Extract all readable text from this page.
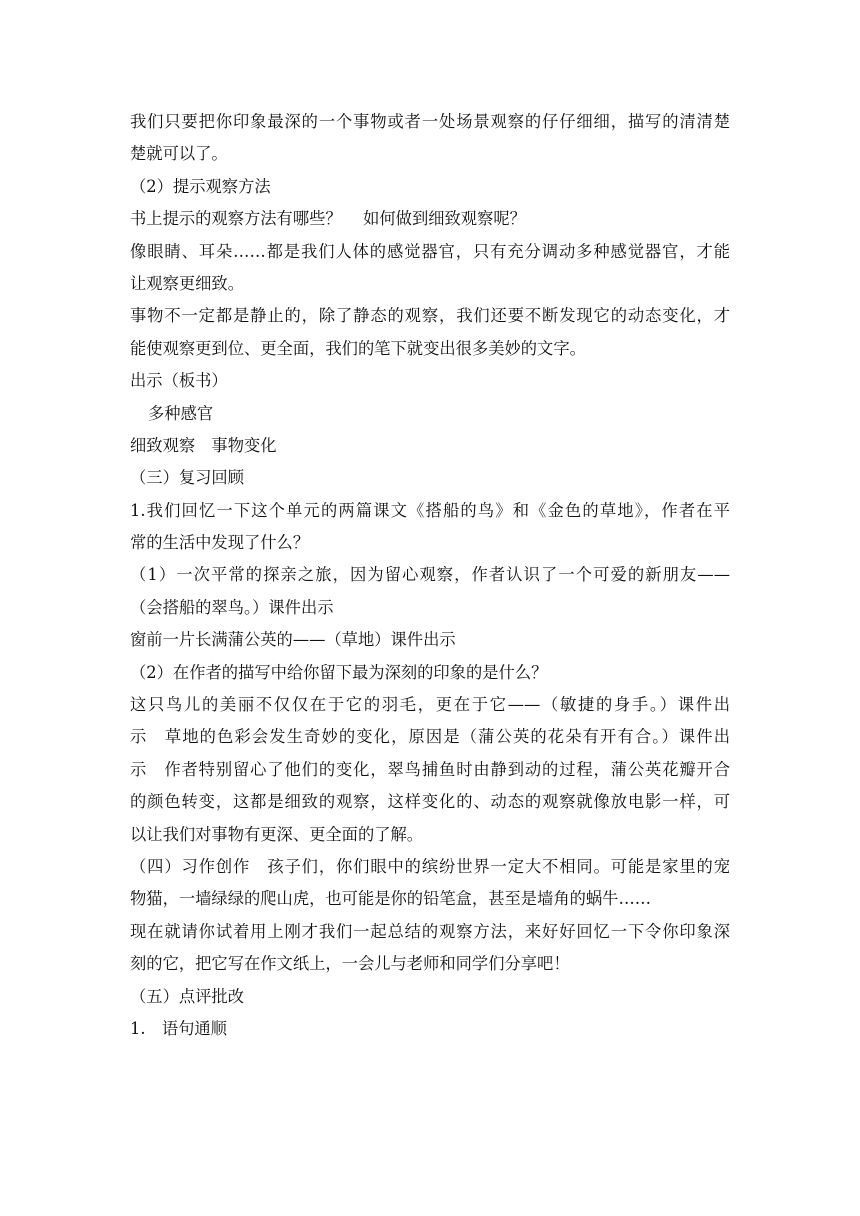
我们只要把你印象最深的一个事物或者一处场景观察的仔仔细细，描写的清清楚
楚就可以了。
（2）提示观察方法
书上提示的观察方法有哪些？　 如何做到细致观察呢？
像眼睛、耳朵……都是我们人体的感觉器官，只有充分调动多种感觉器官，才能
让观察更细致。
事物不一定都是静止的，除了静态的观察，我们还要不断发现它的动态变化，才
能使观察更到位、更全面，我们的笔下就变出很多美妙的文字。
出示（板书）
多种感官
细致观察　事物变化
（三）复习回顾
1.我们回忆一下这个单元的两篇课文《搭船的鸟》和《金色的草地》，作者在平
常的生活中发现了什么？
（1）一次平常的探亲之旅，因为留心观察，作者认识了一个可爱的新朋友——
（会搭船的翠鸟。）课件出示
窗前一片长满蒲公英的——（草地）课件出示
（2）在作者的描写中给你留下最为深刻的印象的是什么？
这只鸟儿的美丽不仅仅在于它的羽毛，更在于它——（敏捷的身手。）课件出
示　草地的色彩会发生奇妙的变化，原因是（蒲公英的花朵有开有合。）课件出
示　作者特别留心了他们的变化，翠鸟捕鱼时由静到动的过程，蒲公英花瓣开合
的颜色转变，这都是细致的观察，这样变化的、动态的观察就像放电影一样，可
以让我们对事物有更深、更全面的了解。
（四）习作创作　孩子们，你们眼中的缤纷世界一定大不相同。可能是家里的宠
物猫，一墙绿绿的爬山虎，也可能是你的铅笔盒，甚至是墙角的蜗牛……
现在就请你试着用上刚才我们一起总结的观察方法，来好好回忆一下令你印象深
刻的它，把它写在作文纸上，一会儿与老师和同学们分享吧！
（五）点评批改
1.　语句通顺
